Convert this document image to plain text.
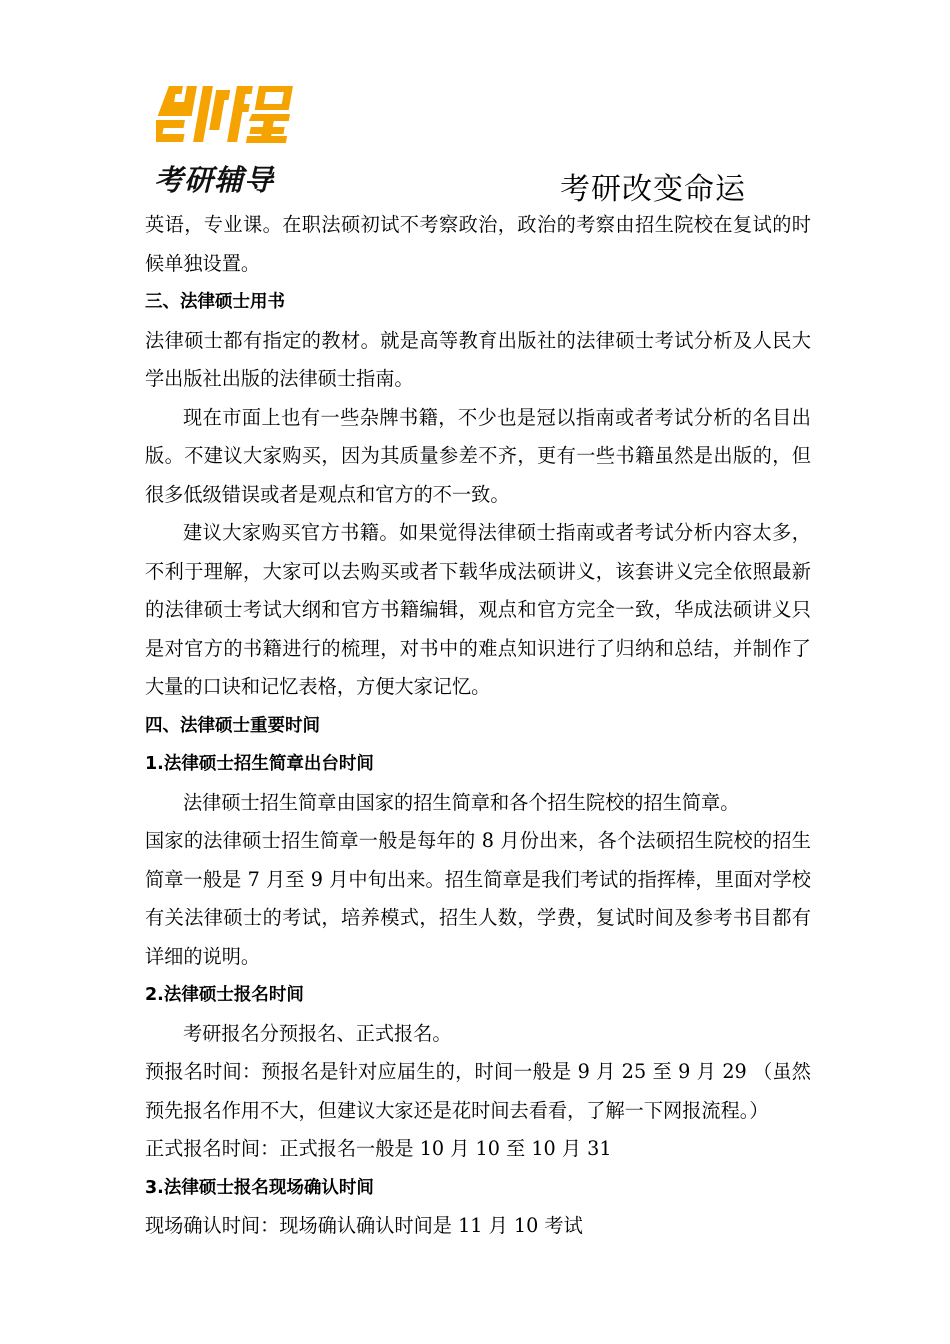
考研辅导	考研改变命运

英语，专业课。在职法硕初试不考察政治，政治的考察由招生院校在复试的时候单独设置。

三、法律硕士用书

法律硕士都有指定的教材。就是高等教育出版社的法律硕士考试分析及人民大学出版社出版的法律硕士指南。

现在市面上也有一些杂牌书籍，不少也是冠以指南或者考试分析的名目出版。不建议大家购买，因为其质量参差不齐，更有一些书籍虽然是出版的，但很多低级错误或者是观点和官方的不一致。

建议大家购买官方书籍。如果觉得法律硕士指南或者考试分析内容太多，不利于理解，大家可以去购买或者下载华成法硕讲义，该套讲义完全依照最新的法律硕士考试大纲和官方书籍编辑，观点和官方完全一致，华成法硕讲义只是对官方的书籍进行的梳理，对书中的难点知识进行了归纳和总结，并制作了大量的口诀和记忆表格，方便大家记忆。

四、法律硕士重要时间

1.法律硕士招生简章出台时间

法律硕士招生简章由国家的招生简章和各个招生院校的招生简章。

国家的法律硕士招生简章一般是每年的 8 月份出来，各个法硕招生院校的招生简章一般是 7 月至 9 月中旬出来。招生简章是我们考试的指挥棒，里面对学校有关法律硕士的考试，培养模式，招生人数，学费，复试时间及参考书目都有详细的说明。

2.法律硕士报名时间

考研报名分预报名、正式报名。

预报名时间：预报名是针对应届生的，时间一般是 9 月 25 至 9 月 29 （虽然预先报名作用不大，但建议大家还是花时间去看看，了解一下网报流程。）

正式报名时间：正式报名一般是 10 月 10 至 10 月 31

3.法律硕士报名现场确认时间

现场确认时间：现场确认确认时间是 11 月 10 考试
